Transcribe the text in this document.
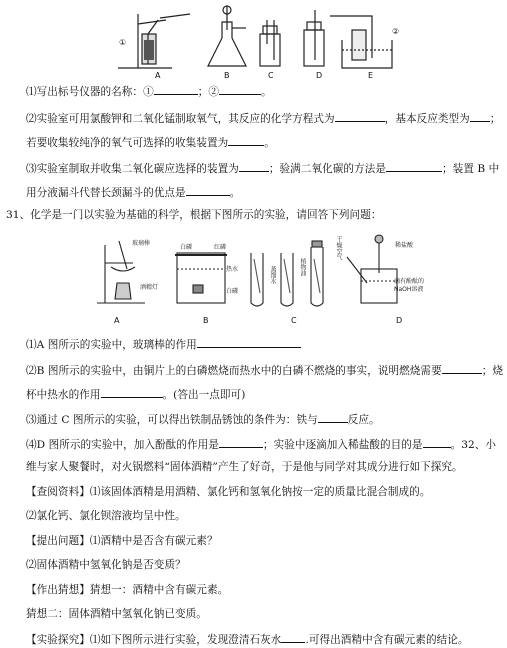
①
②
A	B	C	D	E
⑴写出标号仪器的名称：①	；②	。
⑵实验室可用氯酸钾和二氧化锰制取氧气，其反应的化学方程式为	，基本反应类型为 ；
若要收集较纯净的氧气可选择的收集装置为	。
⑶实验室制取并收集二氧化碳应选择的装置为	；验满二氧化碳的方法是	；装置 B 中
用分液漏斗代替长颈漏斗的优点是	。
31、化学是一门以实验为基础的科学，根据下图所示的实验，请回答下列问题：
玻璃棒
酒精灯
白磷	红磷
热水
白磷
蒸馏水	植物油
干燥空气	稀盐酸
滴有酚酞的
NaOH溶液
A	B	C	D
⑴A 图所示的实验中，玻璃棒的作用
⑵B 图所示的实验中，由铜片上的白磷燃烧而热水中的白磷不燃烧的事实，说明燃烧需要	；烧
杯中热水的作用	。(答出一点即可)
⑶通过 C 图所示的实验，可以得出铁制品锈蚀的条件为：铁与	反应。
⑷D 图所示的实验中，加入酚酞的作用是	；实验中逐滴加入稀盐酸的目的是	。32、小
维与家人聚餐时，对火锅燃料“固体酒精”产生了好奇，于是他与同学对其成分进行如下探究。
【查阅资料】⑴该固体酒精是用酒精、氯化钙和氢氧化钠按一定的质量比混合制成的。
⑵氯化钙、氯化钡溶液均呈中性。
【提出问题】⑴酒精中是否含有碳元素？
⑵固体酒精中氢氧化钠是否变质？
【作出猜想】猜想一：酒精中含有碳元素。
猜想二：固体酒精中氢氧化钠已变质。
【实验探究】⑴如下图所示进行实验，发现澄清石灰水 .可得出酒精中含有碳元素的结论。
